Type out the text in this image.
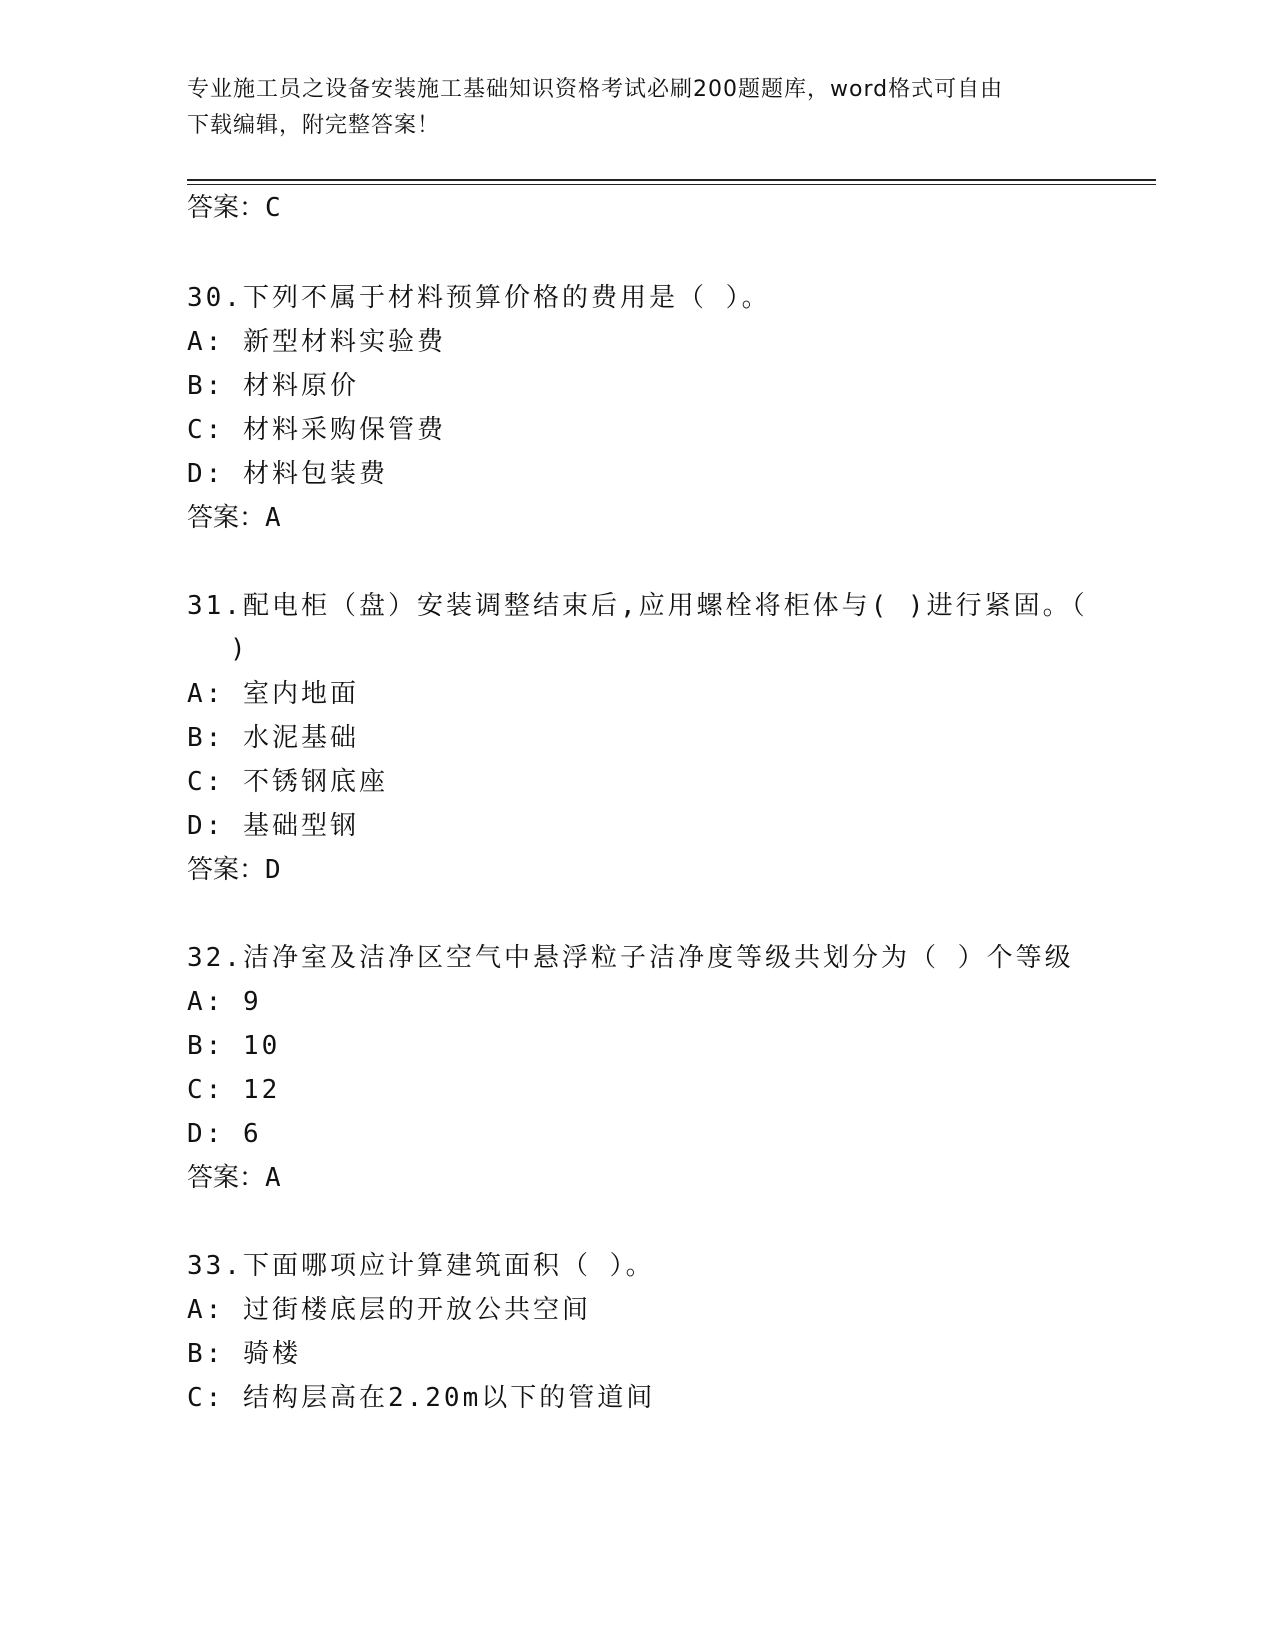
专业施工员之设备安装施工基础知识资格考试必刷200题题库，word格式可自由
下载编辑，附完整答案！
答案：C
30.下列不属于材料预算价格的费用是（ ）。
A: 新型材料实验费
B: 材料原价
C: 材料采购保管费
D: 材料包装费
答案：A
31.配电柜（盘）安装调整结束后,应用螺栓将柜体与( )进行紧固。（
)
A: 室内地面
B: 水泥基础
C: 不锈钢底座
D: 基础型钢
答案：D
32.洁净室及洁净区空气中悬浮粒子洁净度等级共划分为（ ）个等级
A: 9
B: 10
C: 12
D: 6
答案：A
33.下面哪项应计算建筑面积（ ）。
A: 过街楼底层的开放公共空间
B: 骑楼
C: 结构层高在2.20m以下的管道间
